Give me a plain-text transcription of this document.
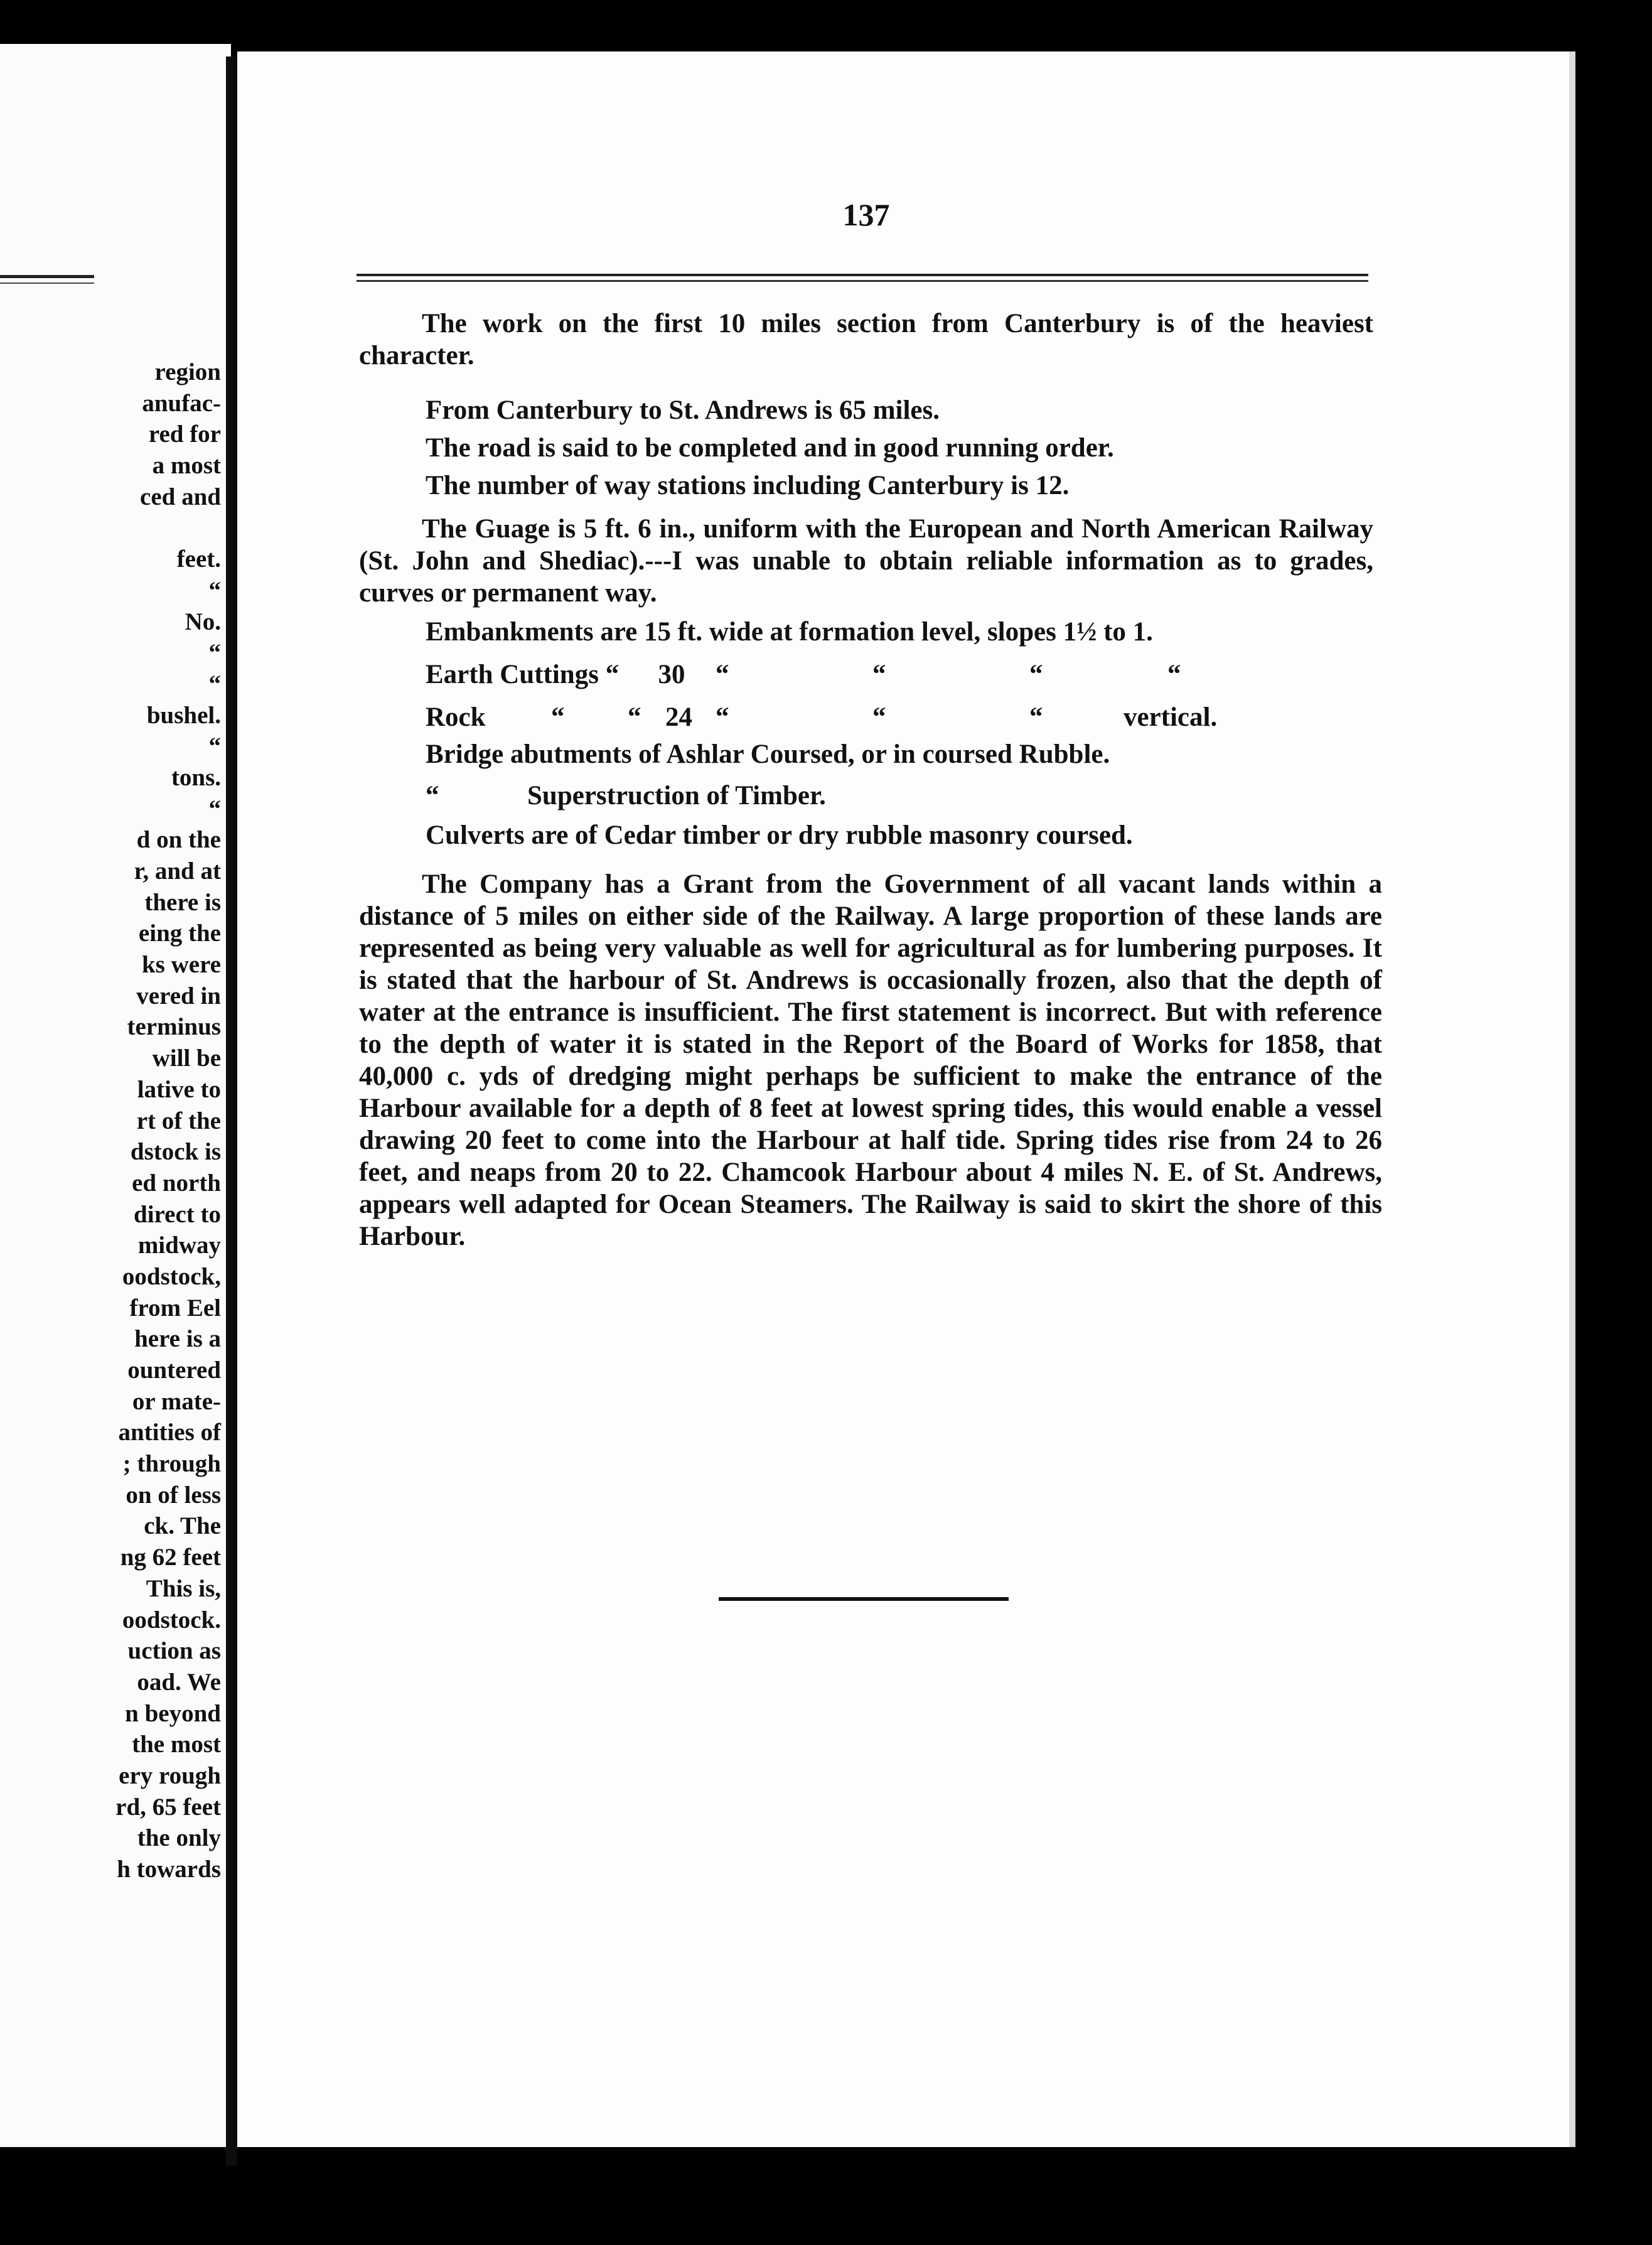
region
anufac-
red for
a most
ced and
feet.
“
No.
“
“
bushel.
“
tons.
“
d on the
r, and at
there is
eing the
ks were
vered in
terminus
will be
lative to
rt of the
dstock is
ed north
direct to
midway
oodstock,
from Eel
here is a
ountered
or mate-
antities of
; through
on of less
ck. The
ng 62 feet
This is,
oodstock.
uction as
oad. We
n beyond
the most
ery rough
rd, 65 feet
the only
h towards
137

The work on the first 10 miles section from Canterbury is of the heaviest character.

From Canterbury to St. Andrews is 65 miles.

The road is said to be completed and in good running order.

The number of way stations including Canterbury is 12.

The Guage is 5 ft. 6 in., uniform with the European and North American Railway (St. John and Shediac).---I was unable to obtain reliable information as to grades, curves or permanent way.

Embankments are 15 ft. wide at formation level, slopes 1½ to 1.

Earth Cuttings “ 30 “	“	“	“
Rock “ “ 24 “	“	“	vertical.

Bridge abutments of Ashlar Coursed, or in coursed Rubble.

“	Superstruction of Timber.

Culverts are of Cedar timber or dry rubble masonry coursed.

The Company has a Grant from the Government of all vacant lands within a distance of 5 miles on either side of the Railway. A large proportion of these lands are represented as being very valuable as well for agricultural as for lumbering purposes. It is stated that the harbour of St. Andrews is occasionally frozen, also that the depth of water at the entrance is insufficient. The first statement is incorrect. But with reference to the depth of water it is stated in the Report of the Board of Works for 1858, that 40,000 c. yds of dredging might perhaps be sufficient to make the entrance of the Harbour available for a depth of 8 feet at lowest spring tides, this would enable a vessel drawing 20 feet to come into the Harbour at half tide. Spring tides rise from 24 to 26 feet, and neaps from 20 to 22. Chamcook Harbour about 4 miles N. E. of St. Andrews, appears well adapted for Ocean Steamers. The Railway is said to skirt the shore of this Harbour.
